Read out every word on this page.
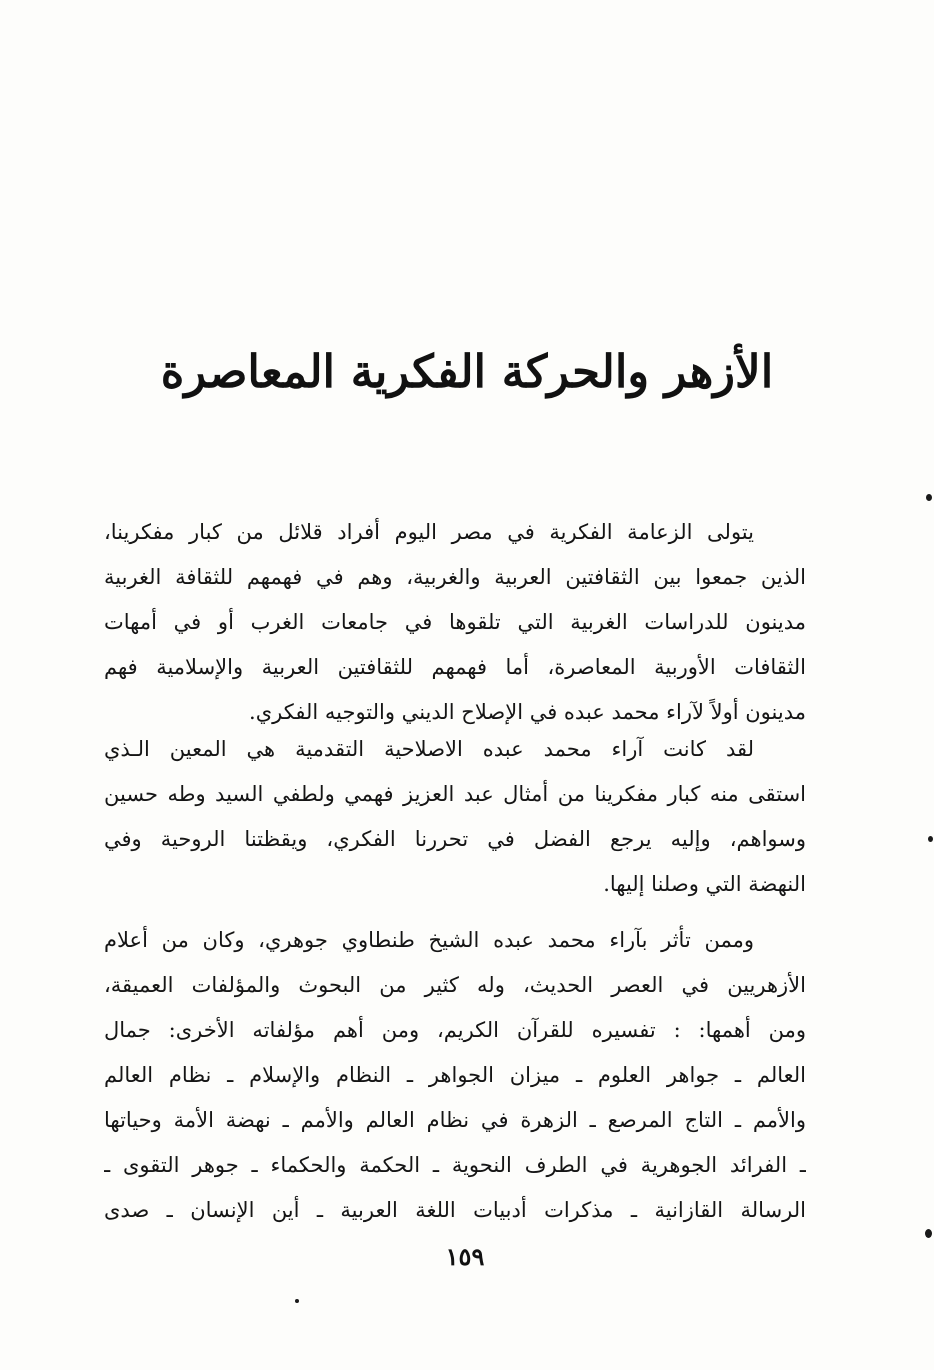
الأزهر والحركة الفكرية المعاصرة
يتولى الزعامة الفكرية في مصر اليوم أفراد قلائل من كبار مفكرينا،
الذين جمعوا بين الثقافتين العربية والغربية، وهم في فهمهم للثقافة الغربية
مدينون للدراسات الغربية التي تلقوها في جامعات الغرب أو في أمهات
الثقافات الأوربية المعاصرة، أما فهمهم للثقافتين العربية والإسلامية فهم
مدينون أولاً لآراء محمد عبده في الإصلاح الديني والتوجيه الفكري.
لقد كانت آراء محمد عبده الاصلاحية التقدمية هي المعين الـذي
استقى منه كبار مفكرينا من أمثال عبد العزيز فهمي ولطفي السيد وطه حسين
وسواهم، وإليه يرجع الفضل في تحررنا الفكري، ويقظتنا الروحية وفي
النهضة التي وصلنا إليها.
وممن تأثر بآراء محمد عبده الشيخ طنطاوي جوهري، وكان من أعلام
الأزهريين في العصر الحديث، وله كثير من البحوث والمؤلفات العميقة،
ومن أهمها: : تفسيره للقرآن الكريم، ومن أهم مؤلفاته الأخرى: جمال
العالم ـ جواهر العلوم ـ ميزان الجواهر ـ النظام والإسلام ـ نظام العالم
والأمم ـ التاج المرصع ـ الزهرة في نظام العالم والأمم ـ نهضة الأمة وحياتها
ـ الفرائد الجوهرية في الطرف النحوية ـ الحكمة والحكماء ـ جوهر التقوى ـ
الرسالة القازانية ـ مذكرات أدبيات اللغة العربية ـ أين الإنسان ـ صدى
١٥٩
